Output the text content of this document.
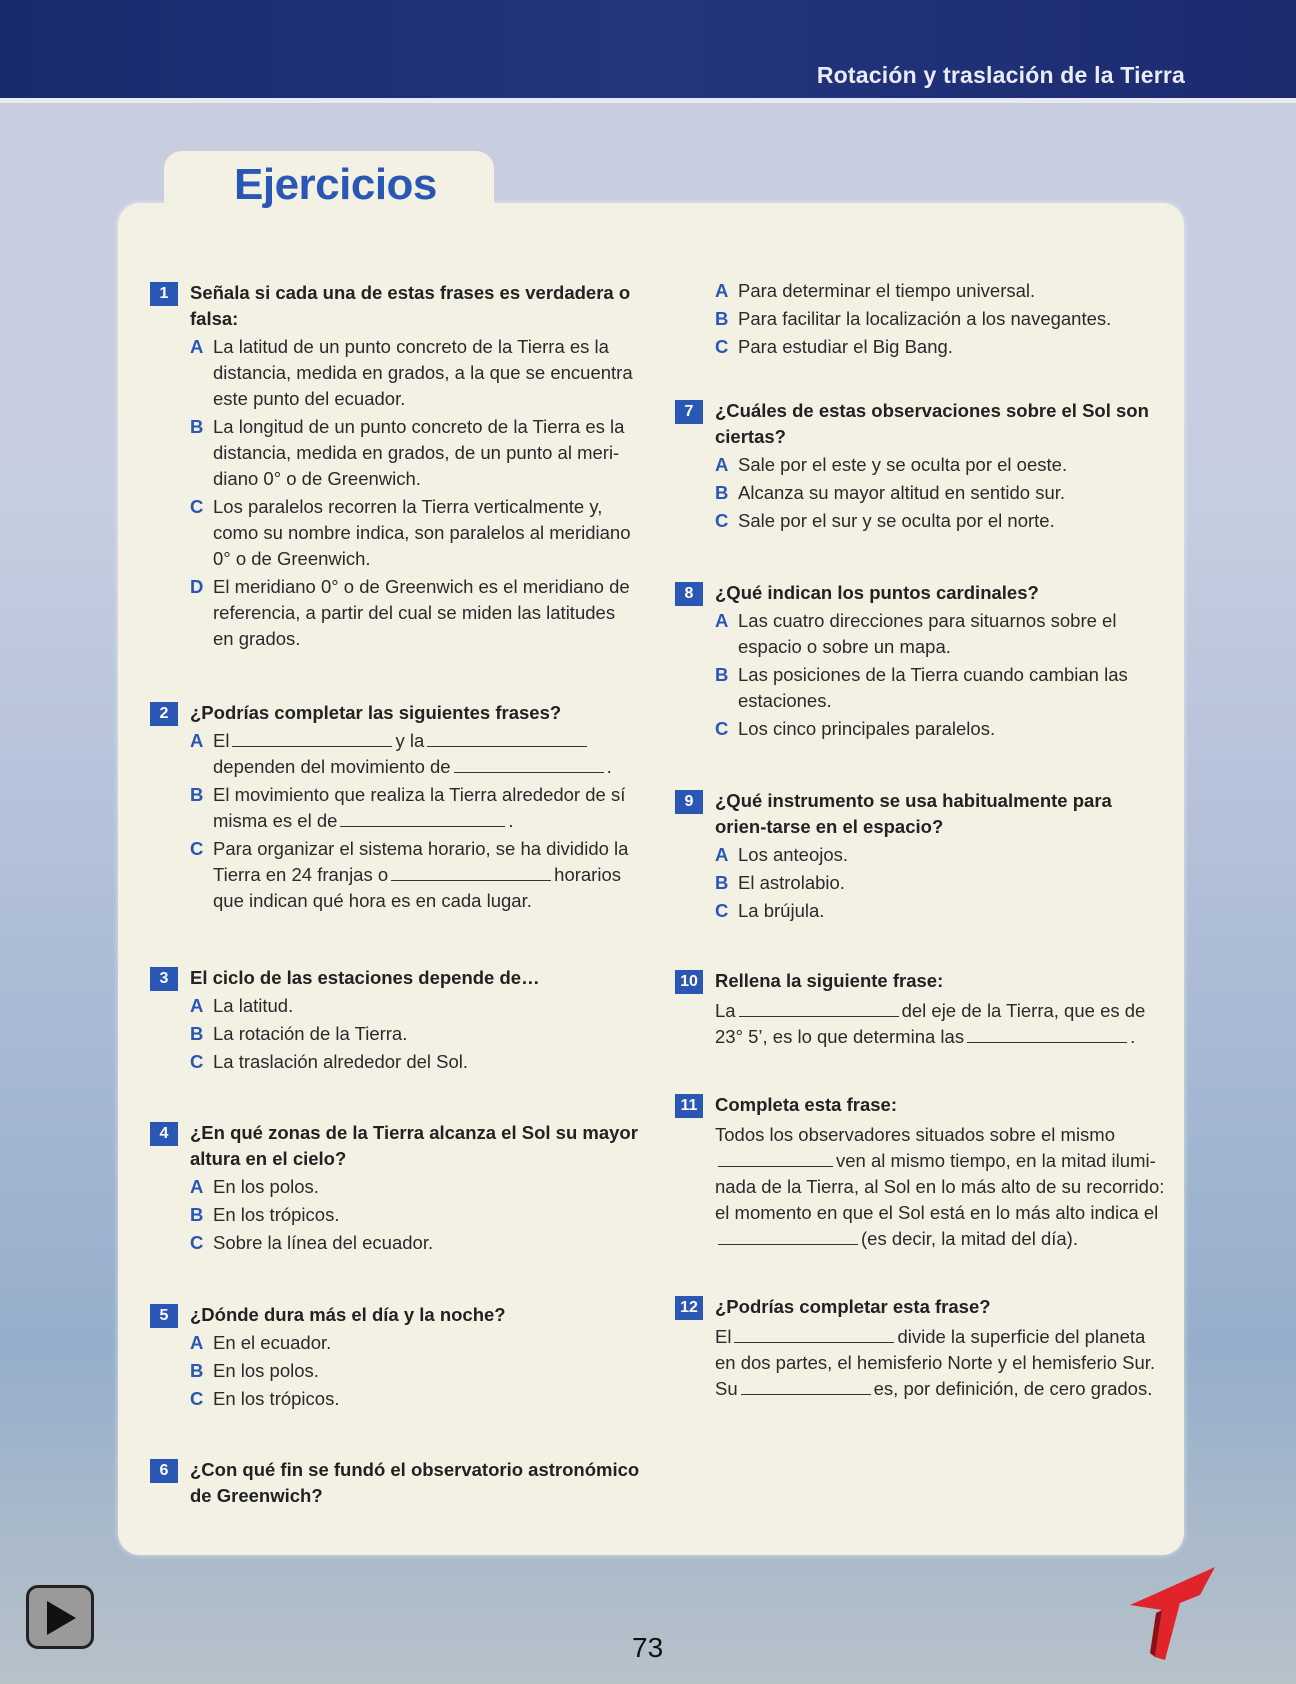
Rotación y traslación de la Tierra
Ejercicios
1	Señala si cada una de estas frases es verdadera o falsa:
A La latitud de un punto concreto de la Tierra es la distancia, medida en grados, a la que se encuentra este punto del ecuador.
B La longitud de un punto concreto de la Tierra es la distancia, medida en grados, de un punto al meri-diano 0° o de Greenwich.
C Los paralelos recorren la Tierra verticalmente y, como su nombre indica, son paralelos al meridiano 0° o de Greenwich.
D El meridiano 0° o de Greenwich es el meridiano de referencia, a partir del cual se miden las latitudes en grados.
2	¿Podrías completar las siguientes frases?
A El	y la dependen del movimiento de	.
B El movimiento que realiza la Tierra alrededor de sí misma es el de	.
C Para organizar el sistema horario, se ha dividido la Tierra en 24 franjas o	horarios que indican qué hora es en cada lugar.
3	El ciclo de las estaciones depende de…
A La latitud.
B La rotación de la Tierra.
C La traslación alrededor del Sol.
4	¿En qué zonas de la Tierra alcanza el Sol su mayor altura en el cielo?
A En los polos.
B En los trópicos.
C Sobre la línea del ecuador.
5	¿Dónde dura más el día y la noche?
A En el ecuador.
B En los polos.
C En los trópicos.
6	¿Con qué fin se fundó el observatorio astronómico de Greenwich?
A Para determinar el tiempo universal.
B Para facilitar la localización a los navegantes.
C Para estudiar el Big Bang.
7	¿Cuáles de estas observaciones sobre el Sol son ciertas?
A Sale por el este y se oculta por el oeste.
B Alcanza su mayor altitud en sentido sur.
C Sale por el sur y se oculta por el norte.
8	¿Qué indican los puntos cardinales?
A Las cuatro direcciones para situarnos sobre el espacio o sobre un mapa.
B Las posiciones de la Tierra cuando cambian las estaciones.
C Los cinco principales paralelos.
9	¿Qué instrumento se usa habitualmente para orien-tarse en el espacio?
A Los anteojos.
B El astrolabio.
C La brújula.
10 Rellena la siguiente frase:
La	del eje de la Tierra, que es de 23° 5’, es lo que determina las	.
11 Completa esta frase:
Todos los observadores situados sobre el mismo ven al mismo tiempo, en la mitad ilumi-nada de la Tierra, al Sol en lo más alto de su recorrido: el momento en que el Sol está en lo más alto indica el (es decir, la mitad del día).
12 ¿Podrías completar esta frase?
El	divide la superficie del planeta en dos partes, el hemisferio Norte y el hemisferio Sur. Su	es, por definición, de cero grados.
73
